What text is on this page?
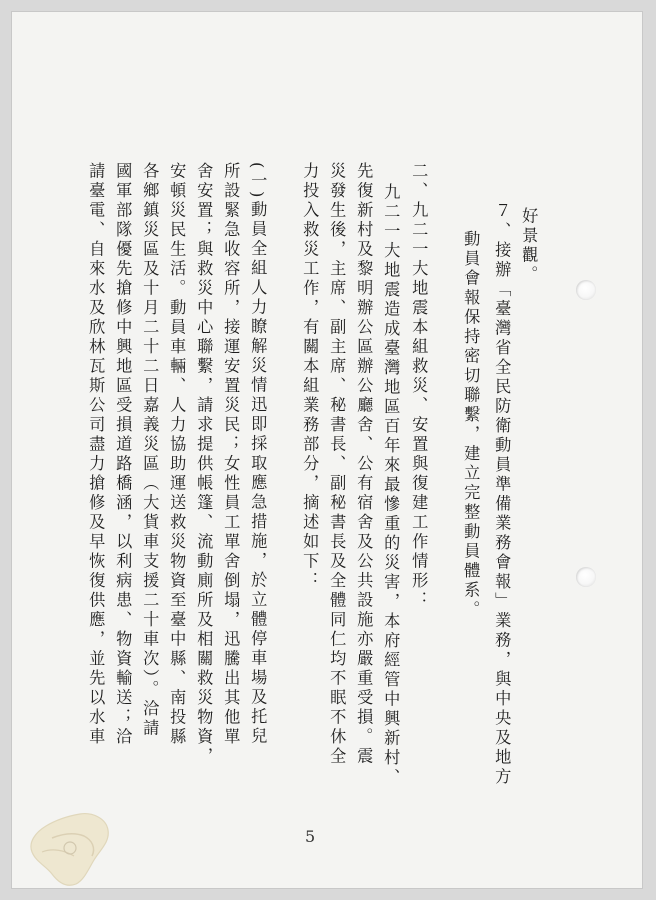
好景觀。
７、接辦「臺灣省全民防衛動員準備業務會報」業務，與中央及地方
動員會報保持密切聯繫，建立完整動員體系。
二、九二一大地震本組救災、安置與復建工作情形：
九二一大地震造成臺灣地區百年來最慘重的災害，本府經管中興新村、
先復新村及黎明辦公區辦公廳舍、公有宿舍及公共設施亦嚴重受損。震
災發生後，主席、副主席、秘書長、副秘書長及全體同仁均不眠不休全
力投入救災工作，有關本組業務部分，摘述如下：
(一)動員全組人力瞭解災情迅即採取應急措施，於立體停車場及托兒
所設緊急收容所，接運安置災民；女性員工單舍倒塌，迅騰出其他單
舍安置；與救災中心聯繫，請求提供帳篷、流動廁所及相關救災物資，
安頓災民生活。動員車輛、人力協助運送救災物資至臺中縣、南投縣
各鄉鎮災區及十月二十二日嘉義災區（大貨車支援二十車次）。洽請
國軍部隊優先搶修中興地區受損道路橋涵，以利病患、物資輸送；洽
請臺電、自來水及欣林瓦斯公司盡力搶修及早恢復供應，並先以水車
5
